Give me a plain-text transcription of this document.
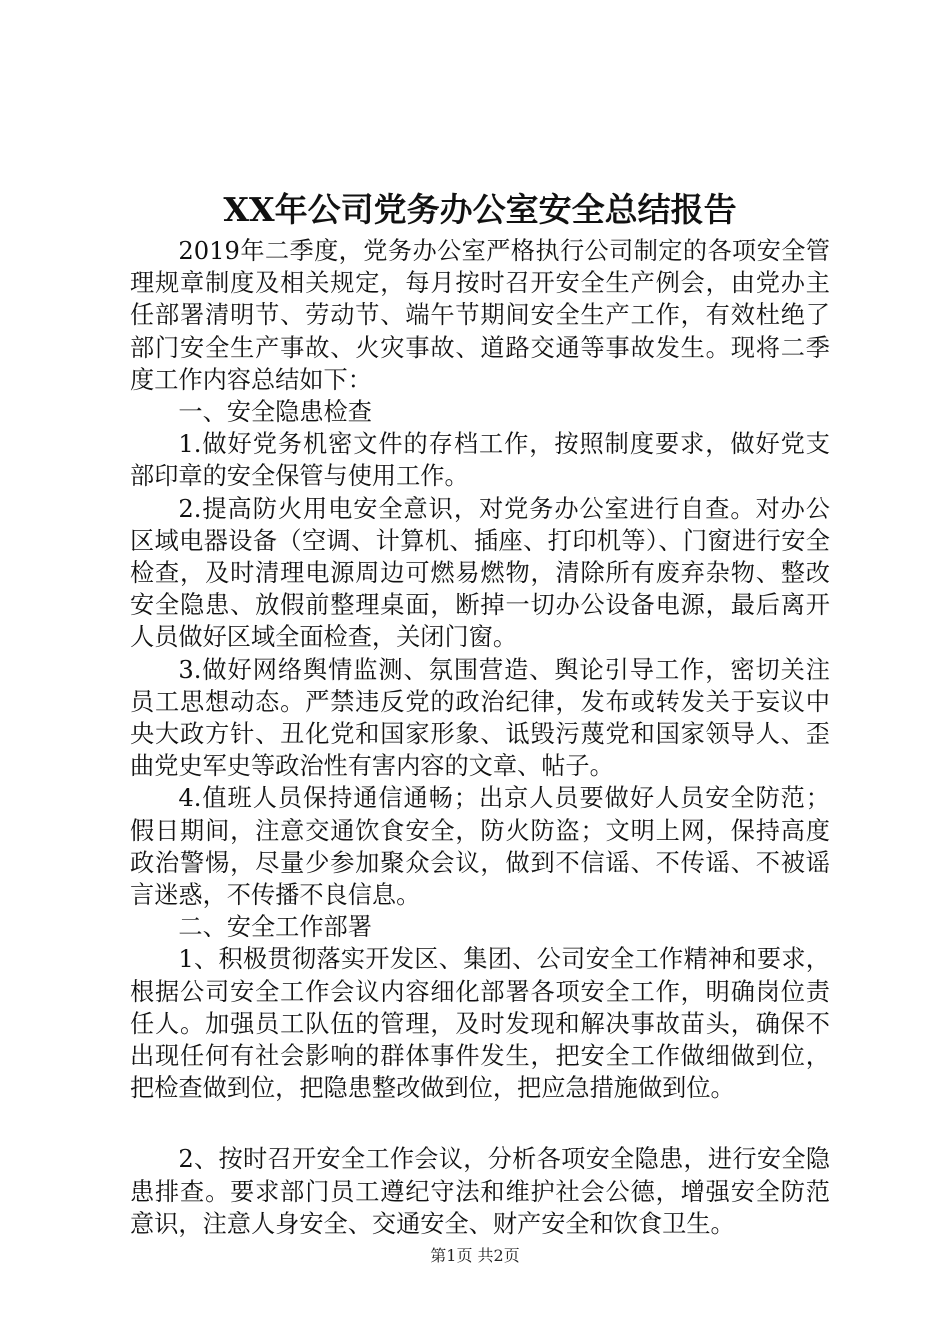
XX年公司党务办公室安全总结报告

2019年二季度，党务办公室严格执行公司制定的各项安全管理规章制度及相关规定，每月按时召开安全生产例会，由党办主任部署清明节、劳动节、端午节期间安全生产工作，有效杜绝了部门安全生产事故、火灾事故、道路交通等事故发生。现将二季度工作内容总结如下：

一、安全隐患检查

1.做好党务机密文件的存档工作，按照制度要求，做好党支部印章的安全保管与使用工作。

2.提高防火用电安全意识，对党务办公室进行自查。对办公区域电器设备（空调、计算机、插座、打印机等）、门窗进行安全检查，及时清理电源周边可燃易燃物，清除所有废弃杂物、整改安全隐患、放假前整理桌面，断掉一切办公设备电源，最后离开人员做好区域全面检查，关闭门窗。

3.做好网络舆情监测、氛围营造、舆论引导工作，密切关注员工思想动态。严禁违反党的政治纪律，发布或转发关于妄议中央大政方针、丑化党和国家形象、诋毁污蔑党和国家领导人、歪曲党史军史等政治性有害内容的文章、帖子。

4.值班人员保持通信通畅；出京人员要做好人员安全防范；假日期间，注意交通饮食安全，防火防盗；文明上网，保持高度政治警惕，尽量少参加聚众会议，做到不信谣、不传谣、不被谣言迷惑，不传播不良信息。

二、安全工作部署

1、积极贯彻落实开发区、集团、公司安全工作精神和要求，根据公司安全工作会议内容细化部署各项安全工作，明确岗位责任人。加强员工队伍的管理，及时发现和解决事故苗头，确保不出现任何有社会影响的群体事件发生，把安全工作做细做到位，把检查做到位，把隐患整改做到位，把应急措施做到位。

2、按时召开安全工作会议，分析各项安全隐患，进行安全隐患排查。要求部门员工遵纪守法和维护社会公德，增强安全防范意识，注意人身安全、交通安全、财产安全和饮食卫生。

第1页 共2页
